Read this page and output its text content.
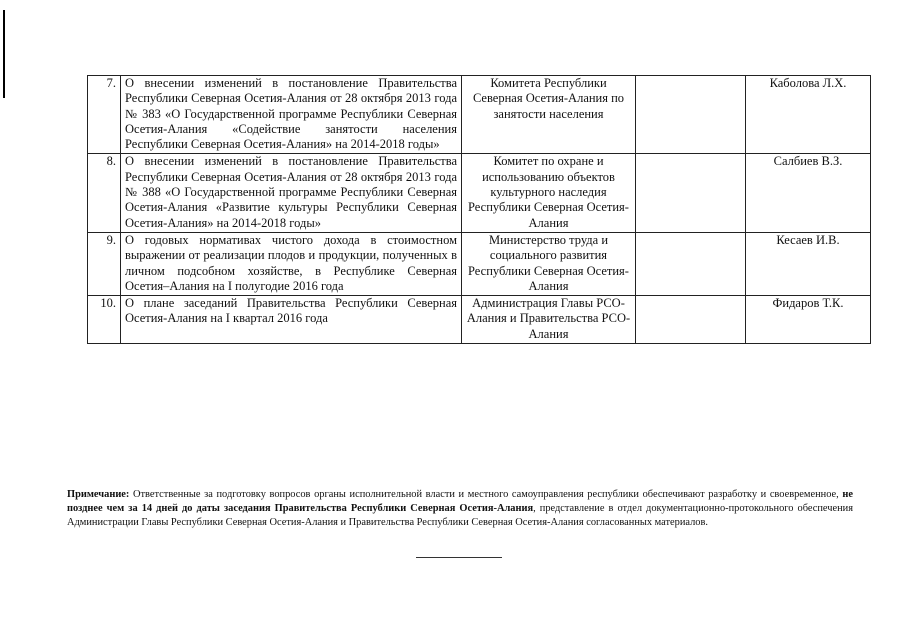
7.	О внесении изменений в постановление Правительства Республики Северная Осетия-Алания от 28 октября 2013 года № 383 «О Государственной программе Республики Северная Осетия-Алания «Содействие занятости населения Республики Северная Осетия-Алания» на 2014-2018 годы»	Комитета Республики Северная Осетия-Алания по занятости населения		Каболова Л.Х.
8.	О внесении изменений в постановление Правительства Республики Северная Осетия-Алания от 28 октября 2013 года № 388 «О Государственной программе Республики Северная Осетия-Алания «Развитие культуры Республики Северная Осетия-Алания» на 2014-2018 годы»	Комитет по охране и использованию объектов культурного наследия Республики Северная Осетия-Алания		Салбиев В.З.
9.	О годовых нормативах чистого дохода в стоимостном выражении от реализации плодов и продукции, полученных в личном подсобном хозяйстве, в Республике Северная Осетия–Алания на I полугодие 2016 года	Министерство труда и социального развития Республики Северная Осетия-Алания		Кесаев И.В.
10.	О плане заседаний Правительства Республики Северная Осетия-Алания на I квартал 2016 года	Администрация Главы РСО-Алания и Правительства РСО-Алания		Фидаров Т.К.
Примечание: Ответственные за подготовку вопросов органы исполнительной власти и местного самоуправления республики обеспечивают разработку и своевременное, не позднее чем за 14 дней до даты заседания Правительства Республики Северная Осетия-Алания, представление в отдел документационно-протокольного обеспечения Администрации Главы Республики Северная Осетия-Алания и Правительства Республики Северная Осетия-Алания согласованных материалов.
